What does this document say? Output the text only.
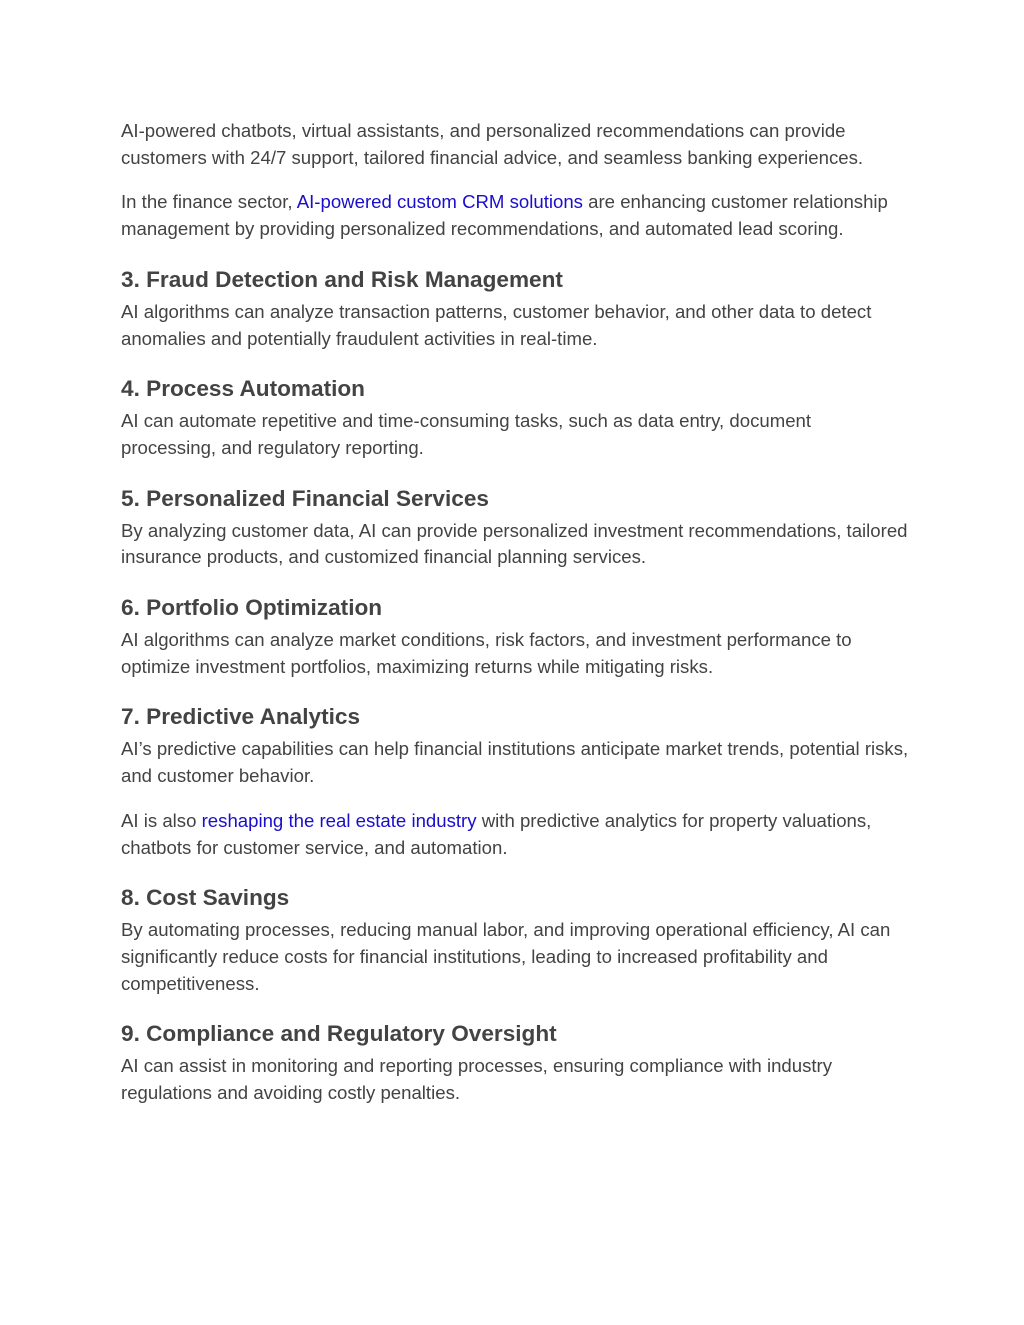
AI-powered chatbots, virtual assistants, and personalized recommendations can provide customers with 24/7 support, tailored financial advice, and seamless banking experiences.

In the finance sector, AI-powered custom CRM solutions are enhancing customer relationship management by providing personalized recommendations, and automated lead scoring.

3. Fraud Detection and Risk Management

AI algorithms can analyze transaction patterns, customer behavior, and other data to detect anomalies and potentially fraudulent activities in real-time.

4. Process Automation

AI can automate repetitive and time-consuming tasks, such as data entry, document processing, and regulatory reporting.

5. Personalized Financial Services

By analyzing customer data, AI can provide personalized investment recommendations, tailored insurance products, and customized financial planning services.

6. Portfolio Optimization

AI algorithms can analyze market conditions, risk factors, and investment performance to optimize investment portfolios, maximizing returns while mitigating risks.

7. Predictive Analytics

AI’s predictive capabilities can help financial institutions anticipate market trends, potential risks, and customer behavior.

AI is also reshaping the real estate industry with predictive analytics for property valuations, chatbots for customer service, and automation.

8. Cost Savings

By automating processes, reducing manual labor, and improving operational efficiency, AI can significantly reduce costs for financial institutions, leading to increased profitability and competitiveness.

9. Compliance and Regulatory Oversight

AI can assist in monitoring and reporting processes, ensuring compliance with industry regulations and avoiding costly penalties.
